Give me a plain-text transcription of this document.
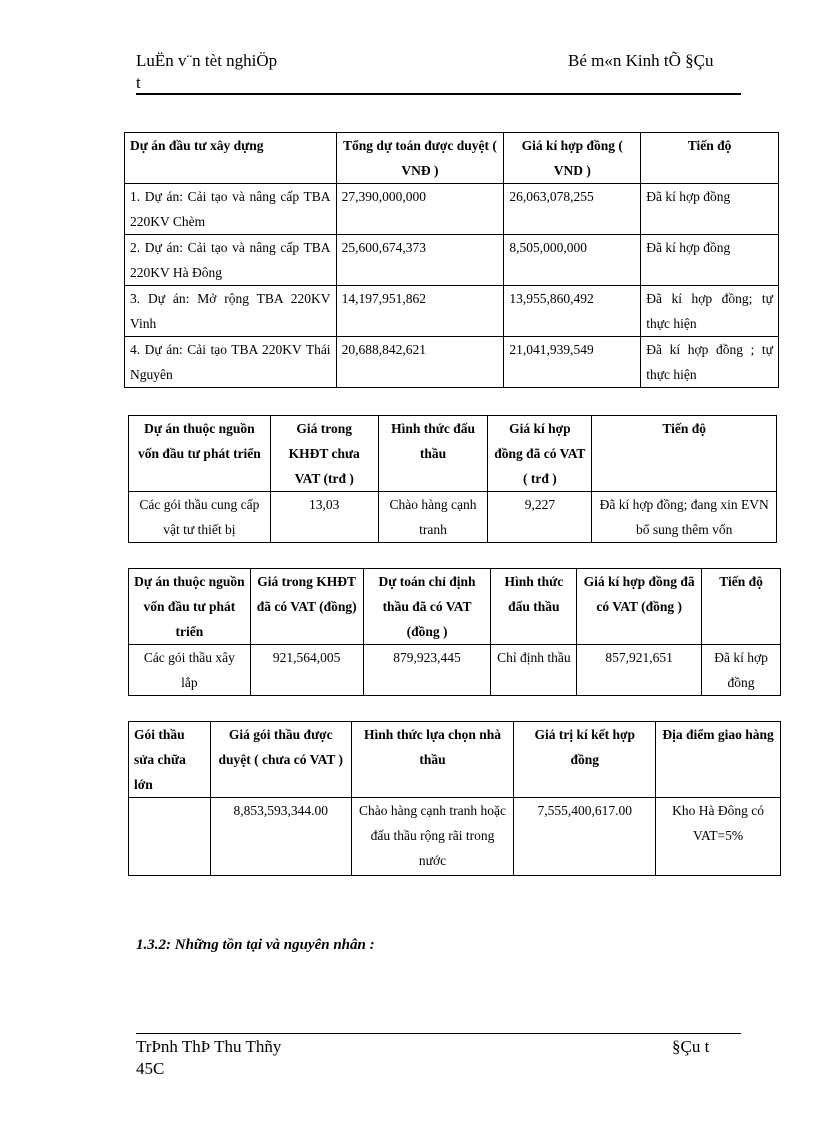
LuËn v¨n tèt nghiÖp
t
Bé m«n Kinh tÕ §Çu
Dự án đầu tư xây dựng	Tổng dự toán được duyệt ( VNĐ )	Giá kí hợp đồng ( VND )	Tiến độ
1. Dự án: Cải tạo và nâng cấp TBA 220KV Chèm	27,390,000,000	26,063,078,255	Đã kí hợp đồng
2. Dự án: Cải tạo và nâng cấp TBA 220KV Hà Đông	25,600,674,373	8,505,000,000	Đã kí hợp đồng
3. Dự án: Mở rộng TBA 220KV Vinh	14,197,951,862	13,955,860,492	Đã kí hợp đồng; tự thực hiện
4. Dự án: Cải tạo TBA 220KV Thái Nguyên	20,688,842,621	21,041,939,549	Đã kí hợp đồng ; tự thực hiện
Dự án thuộc nguồn vốn đầu tư phát triển	Giá trong KHĐT chưa VAT (trđ )	Hình thức đấu thầu	Giá kí hợp đồng đã có VAT ( trđ )	Tiến độ
Các gói thầu cung cấp vật tư thiết bị	13,03	Chào hàng cạnh tranh	9,227	Đã kí hợp đồng; đang xin EVN bổ sung thêm vốn
Dự án thuộc nguồn vốn đầu tư phát triển	Giá trong KHĐT đã có VAT (đồng)	Dự toán chỉ định thầu đã có VAT (đồng )	Hình thức đấu thầu	Giá kí hợp đồng đã có VAT (đồng )	Tiến độ
Các gói thầu xây lắp	921,564,005	879,923,445	Chỉ định thầu	857,921,651	Đã kí hợp đồng
Gói thầu sửa chữa lớn	Giá gói thầu được duyệt ( chưa có VAT )	Hình thức lựa chọn nhà thầu	Giá trị kí kết hợp đồng	Địa điểm giao hàng
	8,853,593,344.00	Chào hàng cạnh tranh hoặc đấu thầu rộng rãi trong nước	7,555,400,617.00	Kho Hà Đông có VAT=5%
1.3.2: Những tồn tại và nguyên nhân :
TrÞnh ThÞ Thu Thñy
45C
§Çu t
